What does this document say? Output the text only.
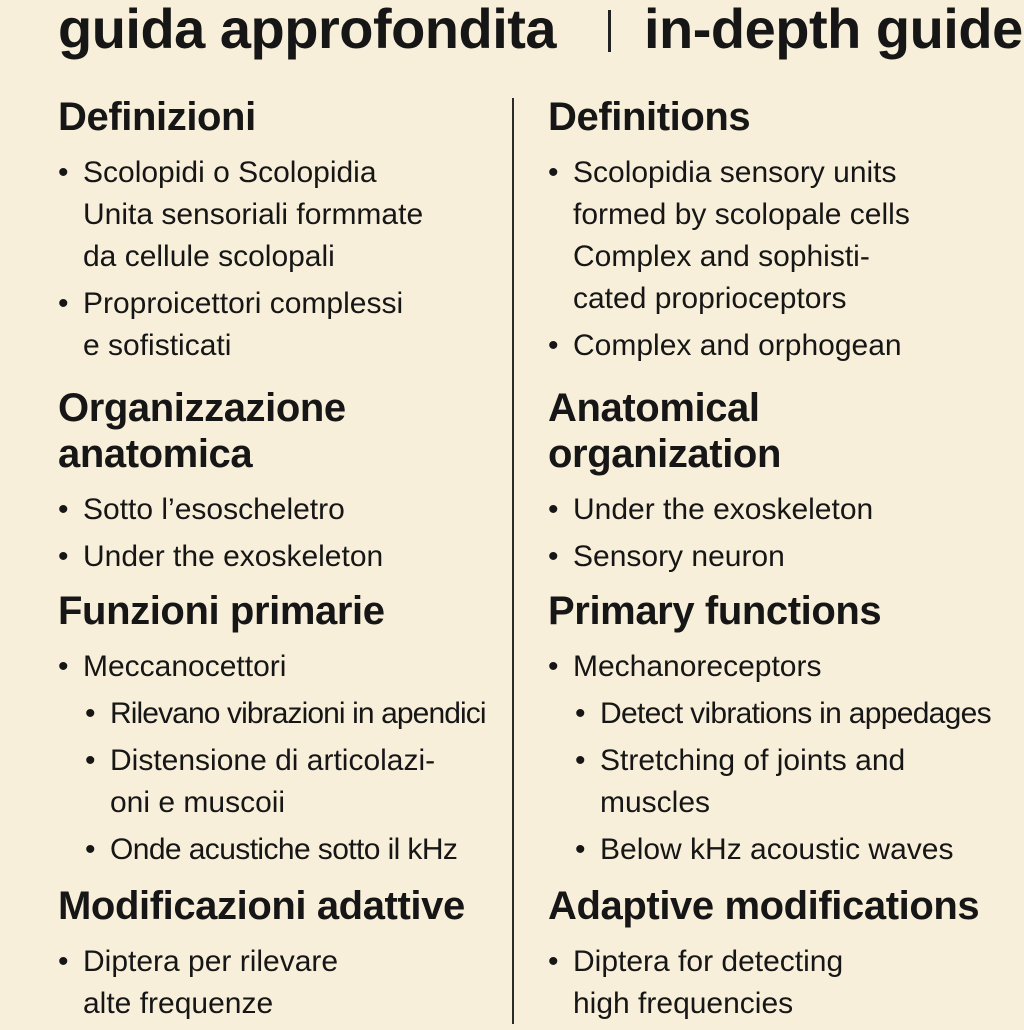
guida approfondita in-depth guide
Definizioni
• Scolopidi o Scolopidia
Unita sensoriali formmate
da cellule scolopali
• Proproicettori complessi
e sofisticati
Organizzazione
anatomica
• Sotto l’esoscheletro
• Under the exoskeleton
Funzioni primarie
• Meccanocettori
• Rilevano vibrazioni in apendici
• Distensione di articolazi-
oni e muscoii
• Onde acustiche sotto il kHz
Modificazioni adattive
• Diptera per rilevare
alte frequenze
Definitions
• Scolopidia sensory units
formed by scolopale cells
Complex and sophisti-
cated proprioceptors
• Complex and orphogean
Anatomical
organization
• Under the exoskeleton
• Sensory neuron
Primary functions
• Mechanoreceptors
• Detect vibrations in appedages
• Stretching of joints and
muscles
• Below kHz acoustic waves
Adaptive modifications
• Diptera for detecting
high frequencies
